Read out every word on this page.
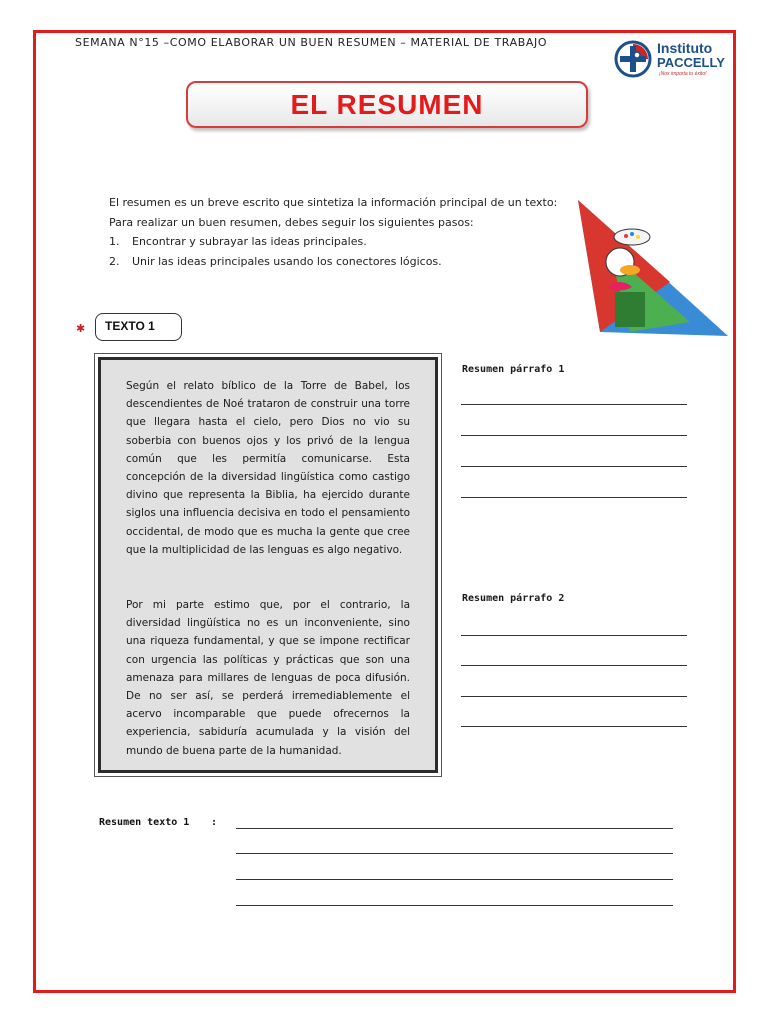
SEMANA N°15 –COMO ELABORAR UN BUEN RESUMEN – MATERIAL DE TRABAJO	Instituto
PACCELLY
¡Nos importa tu éxito!
EL RESUMEN
El resumen es un breve escrito que sintetiza la información principal de un texto:
Para realizar un buen resumen, debes seguir los siguientes pasos:
1.	Encontrar y subrayar las ideas principales.
2.	Unir las ideas principales usando los conectores lógicos.
✱	TEXTO 1
Según el relato bíblico de la Torre de Babel, los descendientes de Noé trataron de construir una torre que llegara hasta el cielo, pero Dios no vio su soberbia con buenos ojos y los privó de la lengua común que les permitía comunicarse. Esta concepción de la diversidad lingüística como castigo divino que representa la Biblia, ha ejercido durante siglos una influencia decisiva en todo el pensamiento occidental, de modo que es mucha la gente que cree que la multiplicidad de las lenguas es algo negativo.
Por mi parte estimo que, por el contrario, la diversidad lingüística no es un inconveniente, sino una riqueza fundamental, y que se impone rectificar con urgencia las políticas y prácticas que son una amenaza para millares de lenguas de poca difusión. De no ser así, se perderá irremediablemente el acervo incomparable que puede ofrecernos la experiencia, sabiduría acumulada y la visión del mundo de buena parte de la humanidad.
Resumen párrafo 1
Resumen párrafo 2
Resumen texto 1 :
